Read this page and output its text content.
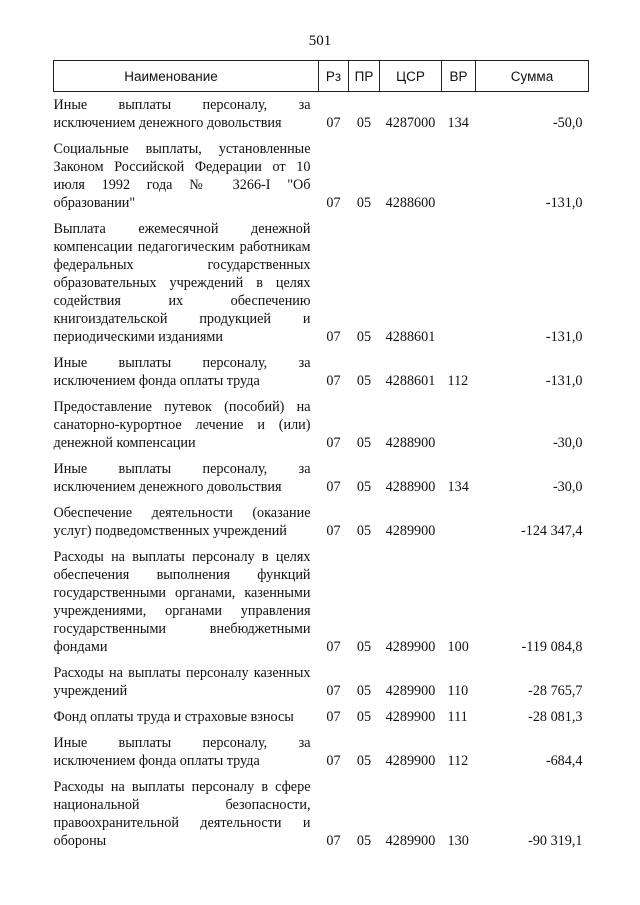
501
Наименование	Рз	ПР	ЦСР	ВР	Сумма
Иные выплаты персоналу, за исключением денежного довольствия	07	05	4287000	134	-50,0
Социальные выплаты, установленные Законом Российской Федерации от 10 июля 1992 года № 3266-I "Об образовании"	07	05	4288600		-131,0
Выплата ежемесячной денежной компенсации педагогическим работникам федеральных государственных образовательных учреждений в целях содействия их обеспечению книгоиздательской продукцией и периодическими изданиями	07	05	4288601		-131,0
Иные выплаты персоналу, за исключением фонда оплаты труда	07	05	4288601	112	-131,0
Предоставление путевок (пособий) на санаторно-курортное лечение и (или) денежной компенсации	07	05	4288900		-30,0
Иные выплаты персоналу, за исключением денежного довольствия	07	05	4288900	134	-30,0
Обеспечение деятельности (оказание услуг) подведомственных учреждений	07	05	4289900		-124 347,4
Расходы на выплаты персоналу в целях обеспечения выполнения функций государственными органами, казенными учреждениями, органами управления государственными внебюджетными фондами	07	05	4289900	100	-119 084,8
Расходы на выплаты персоналу казенных учреждений	07	05	4289900	110	-28 765,7
Фонд оплаты труда и страховые взносы	07	05	4289900	111	-28 081,3
Иные выплаты персоналу, за исключением фонда оплаты труда	07	05	4289900	112	-684,4
Расходы на выплаты персоналу в сфере национальной безопасности, правоохранительной деятельности и обороны	07	05	4289900	130	-90 319,1
